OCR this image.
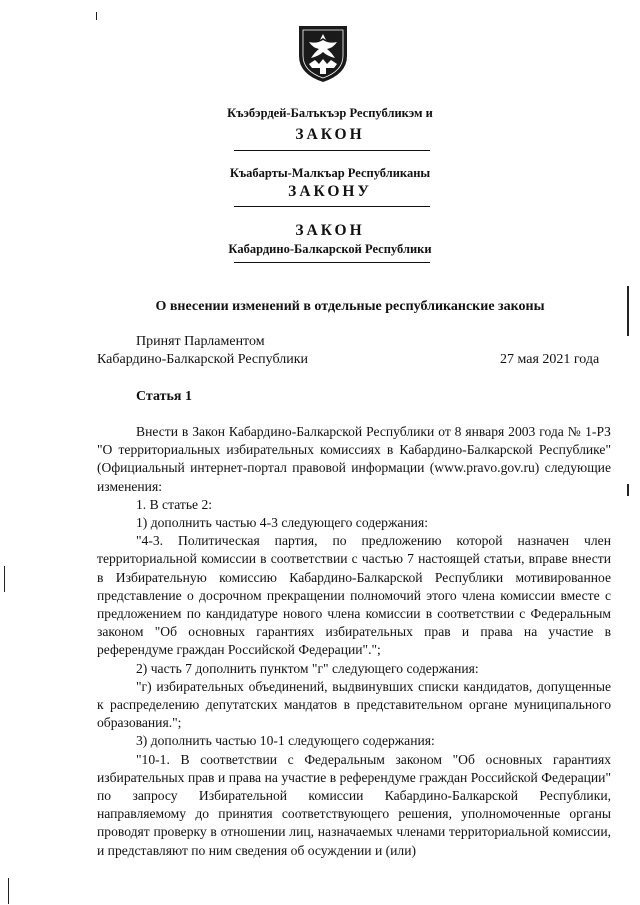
Къэбэрдей-Балъкъэр Республикэм и
ЗАКОН
Къабарты-Малкъар Республиканы
ЗАКОНУ
ЗАКОН
Кабардино-Балкарской Республики
О внесении изменений в отдельные республиканские законы
Принят Парламентом
Кабардино-Балкарской Республики	27 мая 2021 года
Статья 1

Внести в Закон Кабардино-Балкарской Республики от 8 января 2003 года № 1-РЗ "О территориальных избирательных комиссиях в Кабардино-Балкарской Республике" (Официальный интернет-портал правовой информации (www.pravo.gov.ru) следующие изменения:

1. В статье 2:

1) дополнить частью 4-3 следующего содержания:

"4-3. Политическая партия, по предложению которой назначен член территориальной комиссии в соответствии с частью 7 настоящей статьи, вправе внести в Избирательную комиссию Кабардино-Балкарской Республики мотивированное представление о досрочном прекращении полномочий этого члена комиссии вместе с предложением по кандидатуре нового члена комиссии в соответствии с Федеральным законом "Об основных гарантиях избирательных прав и права на участие в референдуме граждан Российской Федерации".";

2) часть 7 дополнить пунктом "г" следующего содержания:

"г) избирательных объединений, выдвинувших списки кандидатов, допущенные к распределению депутатских мандатов в представительном органе муниципального образования.";

3) дополнить частью 10-1 следующего содержания:

"10-1. В соответствии с Федеральным законом "Об основных гарантиях избирательных прав и права на участие в референдуме граждан Российской Федерации" по запросу Избирательной комиссии Кабардино-Балкарской Республики, направляемому до принятия соответствующего решения, уполномоченные органы проводят проверку в отношении лиц, назначаемых членами территориальной комиссии, и представляют по ним сведения об осуждении и (или)
